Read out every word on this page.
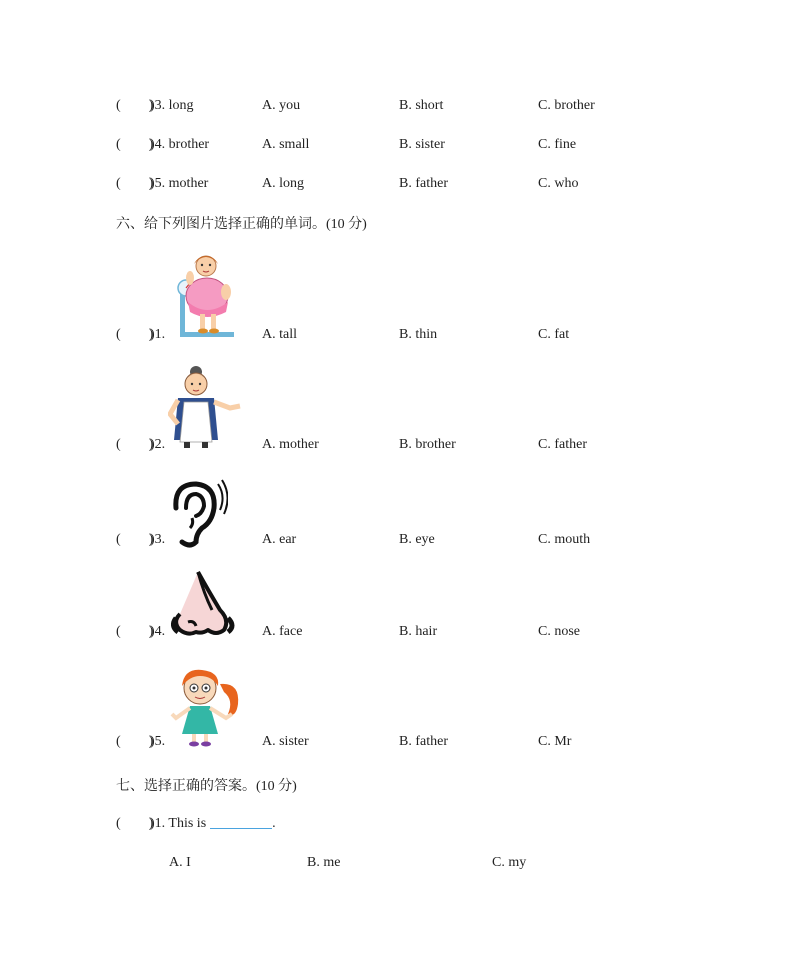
(　　)
)3. long	A. you	B. short	C. brother
(　　)
)4. brother	A. small	B. sister	C. fine
(　　)
)5. mother	A. long	B. father	C. who
六、给下列图片选择正确的单词。(10 分)
(　　)
)1.	A. tall	B. thin	C. fat
(　　)
)2.	A. mother	B. brother	C. father
(　　)
)3.	A. ear	B. eye	C. mouth
(　　)
)4.	A. face	B. hair	C. nose
(　　)
)5.	A. sister	B. father	C. Mr
七、选择正确的答案。(10 分)
(　　)
)1. This is	.
A. I	B. me	C. my
